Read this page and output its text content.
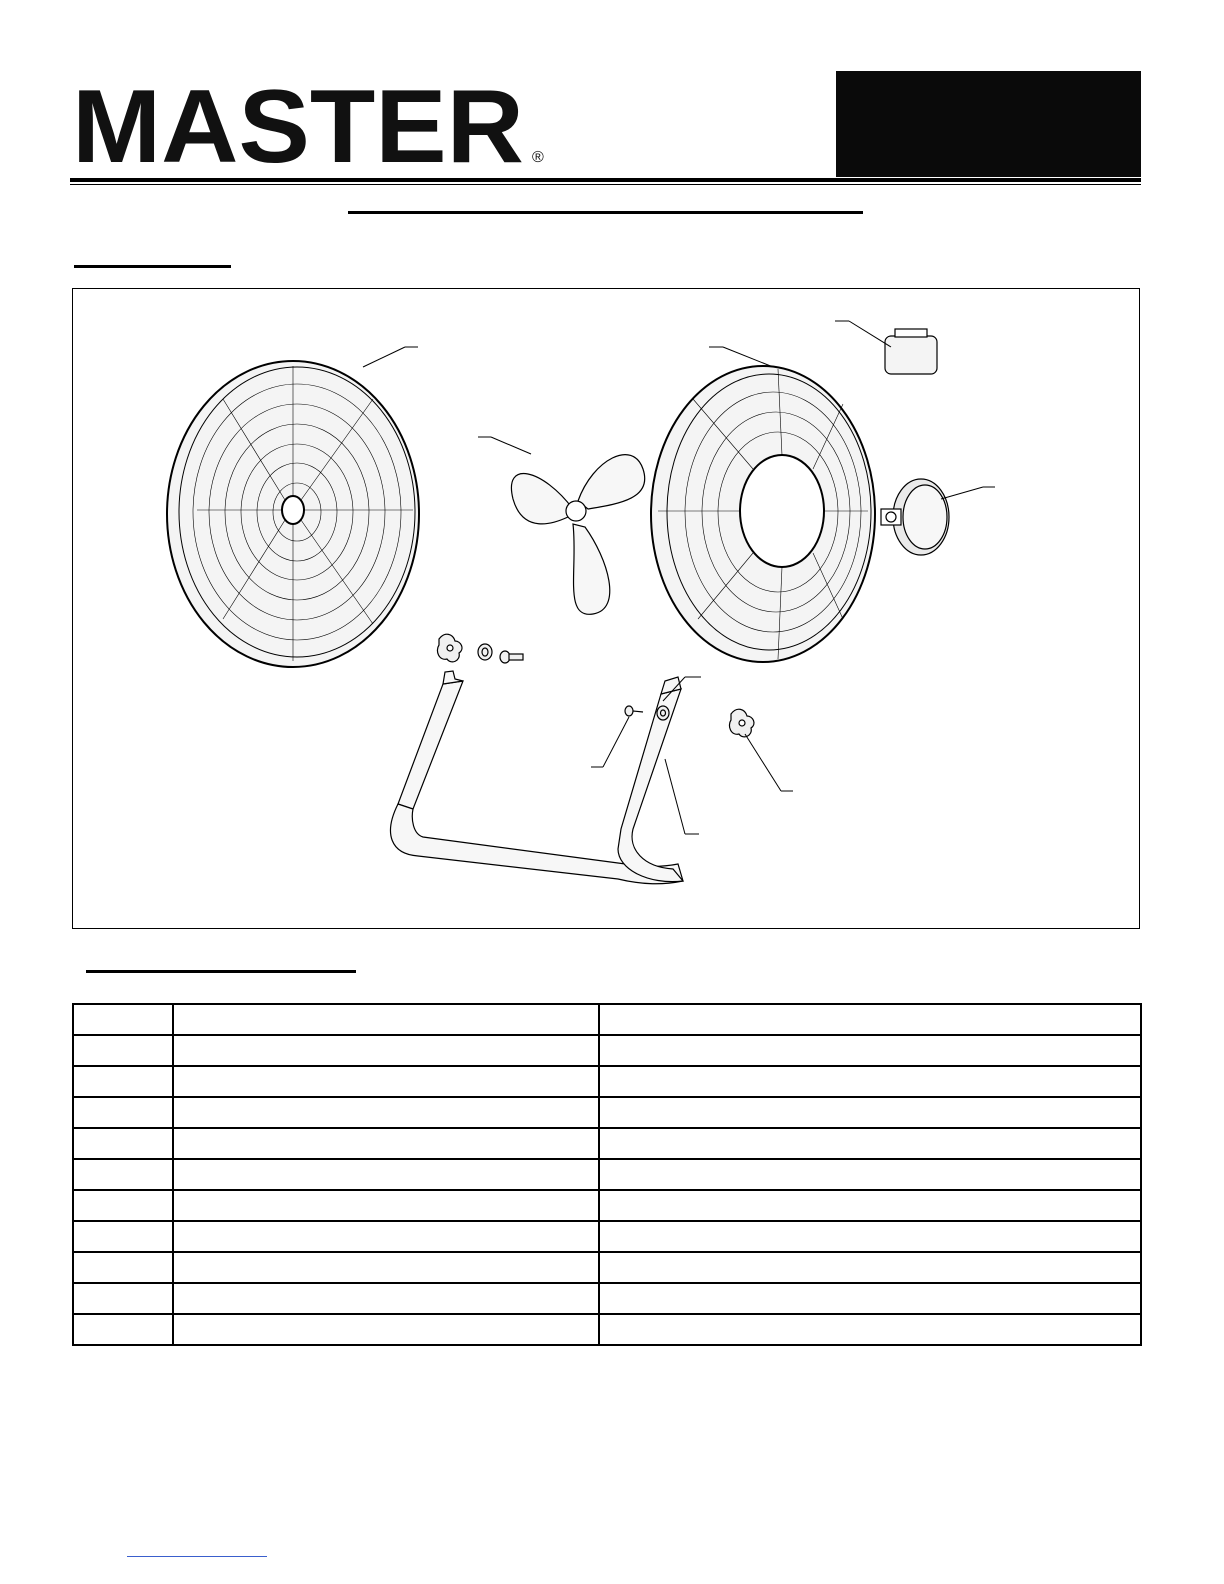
MASTER ®
